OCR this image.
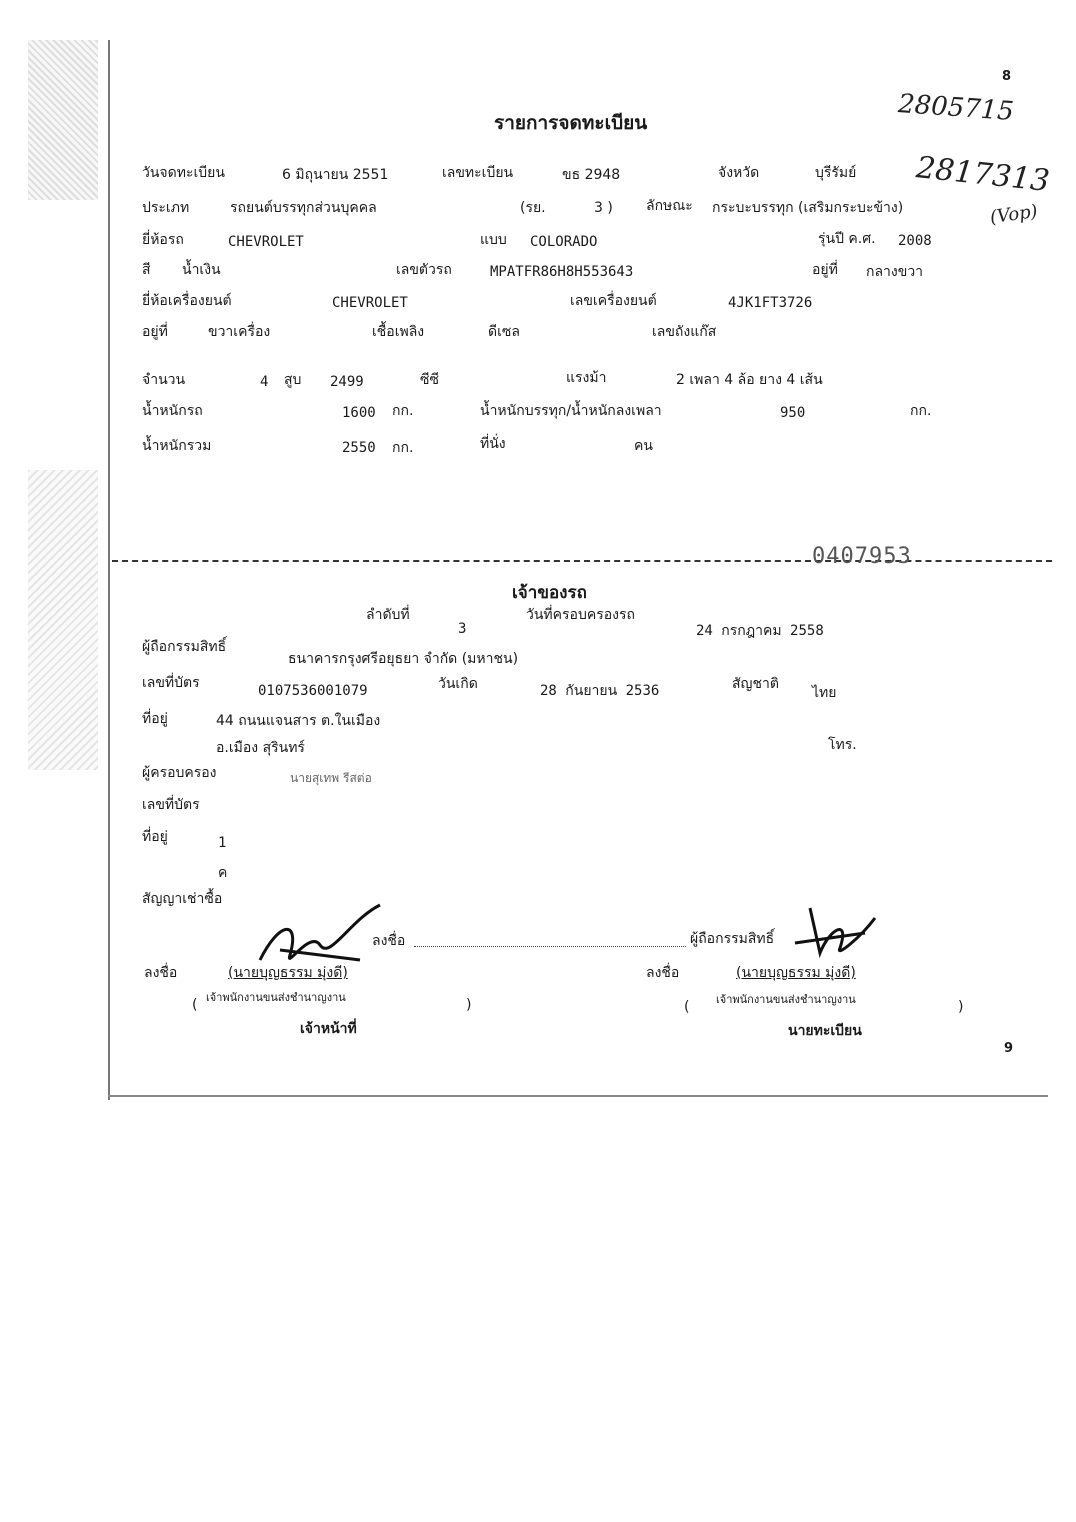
8
2805715
2817313
(Vop)
รายการจดทะเบียน
วันจดทะเบียน	6 มิถุนายน 2551	เลขทะเบียน	ขธ 2948	จังหวัด	บุรีรัมย์
ประเภท	รถยนต์บรรทุกส่วนบุคคล	(รย.	3 ) ลักษณะ กระบะบรรทุก (เสริมกระบะข้าง)
ยี่ห้อรถ	CHEVROLET	แบบ COLORADO	รุ่นปี ค.ศ. 2008
สี น้ำเงิน	เลขตัวรถ	MPATFR86H8H553643	อยู่ที่ กลางขวา
ยี่ห้อเครื่องยนต์	CHEVROLET	เลขเครื่องยนต์	4JK1FT3726
อยู่ที่	ขวาเครื่อง	เชื้อเพลิง	ดีเซล	เลขถังแก๊ส
จำนวน	4 สูบ 2499	ซีซี	แรงม้า	2 เพลา 4 ล้อ ยาง 4 เส้น
น้ำหนักรถ	1600 กก.	น้ำหนักบรรทุก/น้ำหนักลงเพลา	950	กก.
น้ำหนักรวม	2550 กก.	ที่นั่ง	คน
0407953
เจ้าของรถ
ลำดับที่
3
วันที่ครอบครองรถ
24 กรกฎาคม 2558
ผู้ถือกรรมสิทธิ์
ธนาคารกรุงศรีอยุธยา จำกัด (มหาชน)
เลขที่บัตร	0107536001079	วันเกิด	28 กันยายน 2536	สัญชาติ
ไทย
ที่อยู่	44 ถนนแจนสาร ต.ในเมือง
อ.เมือง สุรินทร์	โทร.
ผู้ครอบครอง	นายสุเทพ รีสต่อ
เลขที่บัตร
ที่อยู่	1
ค
สัญญาเช่าซื้อ
ลงชื่อ	ผู้ถือกรรมสิทธิ์
ลงชื่อ	(นายบุญธรรม มุ่งดี)
( เจ้าพนักงานขนส่งชำนาญงาน	)
เจ้าหน้าที่
ลงชื่อ	(นายบุญธรรม มุ่งดี)
( เจ้าพนักงานขนส่งชำนาญงาน	)
นายทะเบียน
9
